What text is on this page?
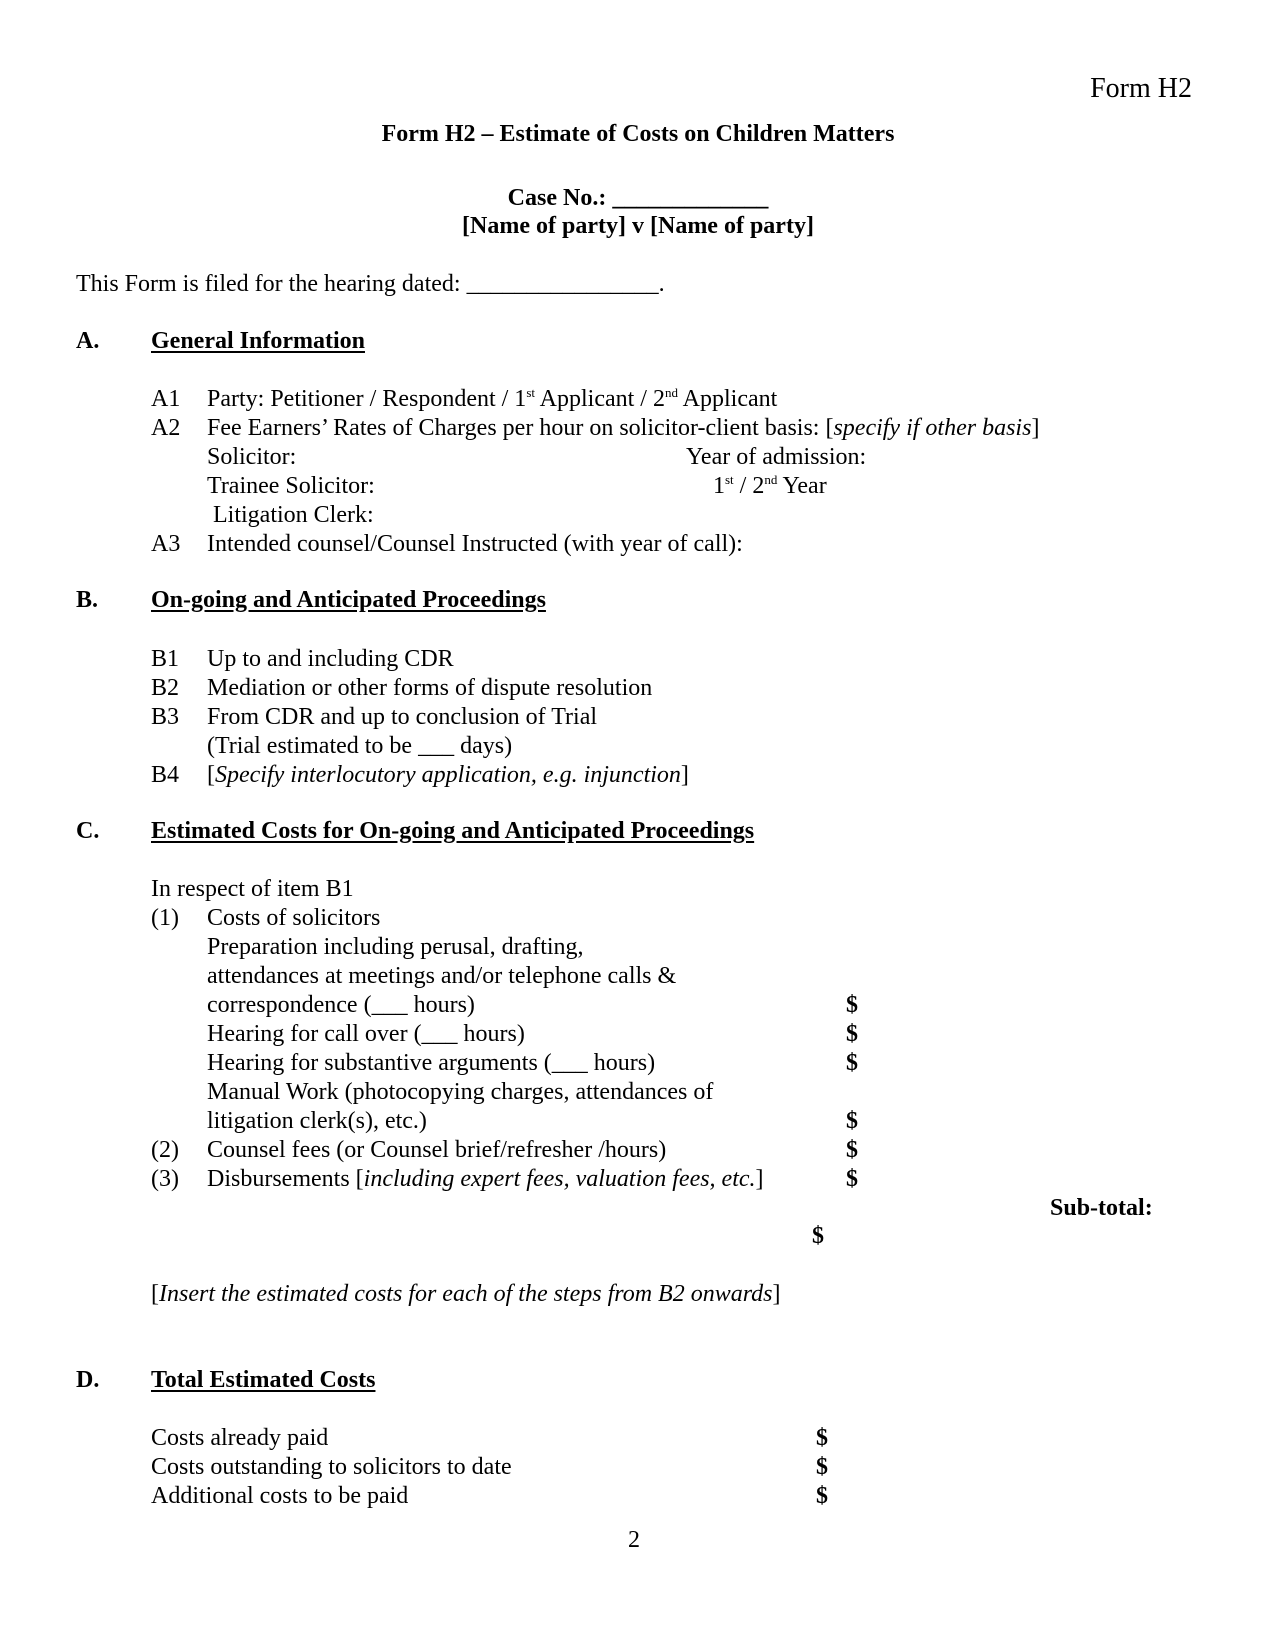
Form H2
Form H2 – Estimate of Costs on Children Matters
Case No.: _____________
[Name of party] v [Name of party]
This Form is filed for the hearing dated: ________________.
A. General Information
A1 Party: Petitioner / Respondent / 1st Applicant / 2nd Applicant
A2 Fee Earners’ Rates of Charges per hour on solicitor-client basis: [specify if other basis]
Solicitor:	Year of admission:
Trainee Solicitor:	1st / 2nd Year
Litigation Clerk:
A3 Intended counsel/Counsel Instructed (with year of call):
B. On-going and Anticipated Proceedings
B1 Up to and including CDR
B2 Mediation or other forms of dispute resolution
B3 From CDR and up to conclusion of Trial
(Trial estimated to be ___ days)
B4 [Specify interlocutory application, e.g. injunction]
C. Estimated Costs for On-going and Anticipated Proceedings
In respect of item B1
(1) Costs of solicitors
Preparation including perusal, drafting,
attendances at meetings and/or telephone calls &
correspondence (___ hours)	$
Hearing for call over (___ hours)	$
Hearing for substantive arguments (___ hours)	$
Manual Work (photocopying charges, attendances of
litigation clerk(s), etc.)	$
(2) Counsel fees (or Counsel brief/refresher /hours)	$
(3) Disbursements [including expert fees, valuation fees, etc.]	$
Sub-total:
$
[Insert the estimated costs for each of the steps from B2 onwards]
D. Total Estimated Costs
Costs already paid	$
Costs outstanding to solicitors to date	$
Additional costs to be paid	$
2
